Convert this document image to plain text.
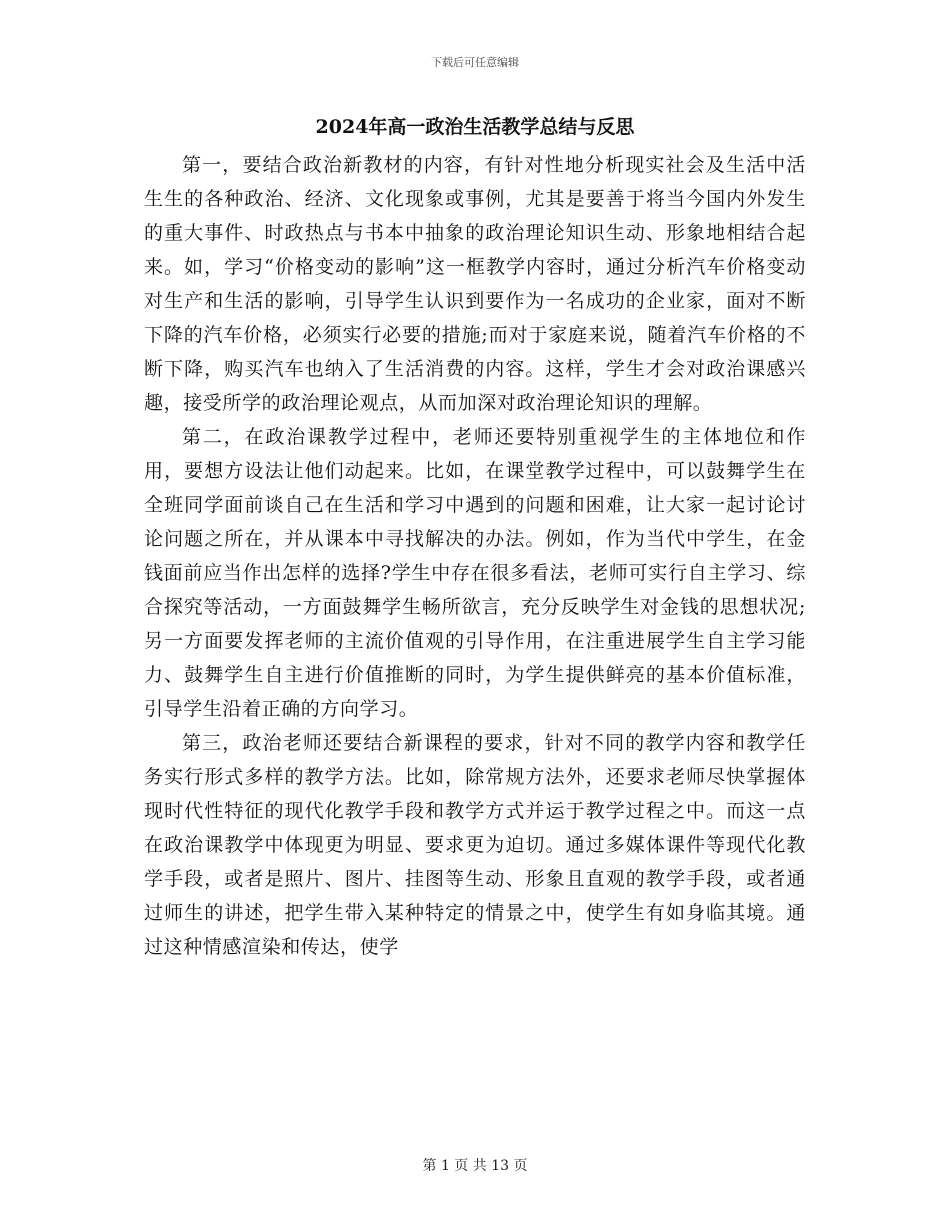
下载后可任意编辑
2024年高一政治生活教学总结与反思

第一，要结合政治新教材的内容，有针对性地分析现实社会及生活中活生生的各种政治、经济、文化现象或事例，尤其是要善于将当今国内外发生的重大事件、时政热点与书本中抽象的政治理论知识生动、形象地相结合起来。如，学习“价格变动的影响”这一框教学内容时，通过分析汽车价格变动对生产和生活的影响，引导学生认识到要作为一名成功的企业家，面对不断下降的汽车价格，必须实行必要的措施;而对于家庭来说，随着汽车价格的不断下降，购买汽车也纳入了生活消费的内容。这样，学生才会对政治课感兴趣，接受所学的政治理论观点，从而加深对政治理论知识的理解。

第二，在政治课教学过程中，老师还要特别重视学生的主体地位和作用，要想方设法让他们动起来。比如，在课堂教学过程中，可以鼓舞学生在全班同学面前谈自己在生活和学习中遇到的问题和困难，让大家一起讨论讨论问题之所在，并从课本中寻找解决的办法。例如，作为当代中学生，在金钱面前应当作出怎样的选择?学生中存在很多看法，老师可实行自主学习、综合探究等活动，一方面鼓舞学生畅所欲言，充分反映学生对金钱的思想状况;另一方面要发挥老师的主流价值观的引导作用，在注重进展学生自主学习能力、鼓舞学生自主进行价值推断的同时，为学生提供鲜亮的基本价值标准，引导学生沿着正确的方向学习。

第三，政治老师还要结合新课程的要求，针对不同的教学内容和教学任务实行形式多样的教学方法。比如，除常规方法外，还要求老师尽快掌握体现时代性特征的现代化教学手段和教学方式并运于教学过程之中。而这一点在政治课教学中体现更为明显、要求更为迫切。通过多媒体课件等现代化教学手段，或者是照片、图片、挂图等生动、形象且直观的教学手段，或者通过师生的讲述，把学生带入某种特定的情景之中，使学生有如身临其境。通过这种情感渲染和传达，使学

第 1 页 共 13 页
